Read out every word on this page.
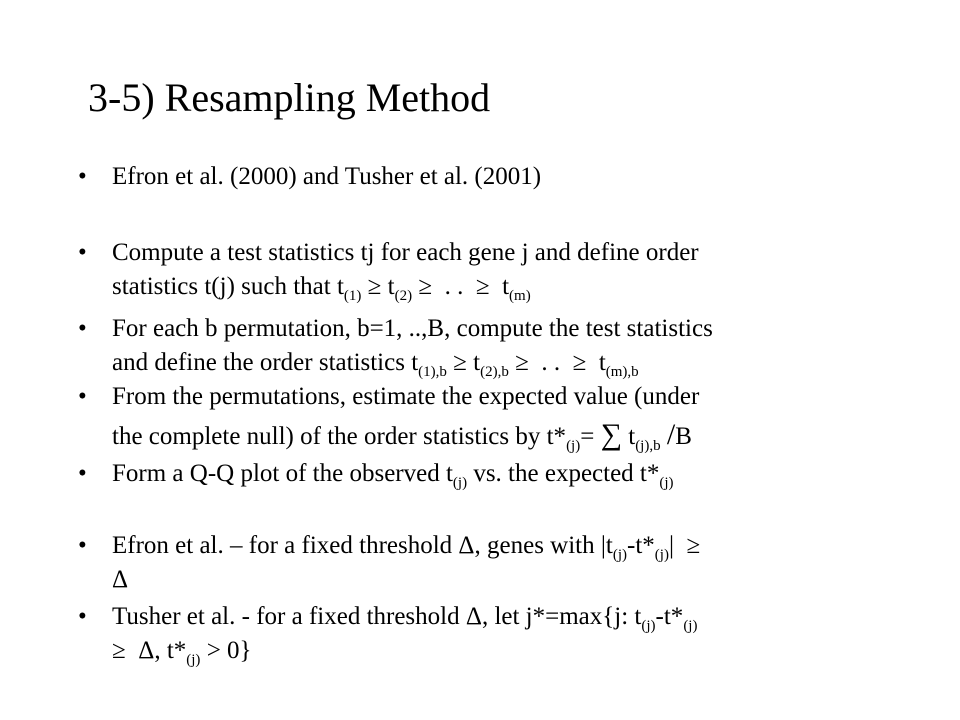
3-5) Resampling Method
• Efron et al. (2000) and Tusher et al. (2001)
• Compute a test statistics tj for each gene j and define order
statistics t(j) such that $t_{(1)} \ge t_{(2)}$ ≥ . . ≥ $t_{(m)}$
• For each b permutation, b=1, ..,B, compute the test statistics
and define the order statistics $t_{(1),b} \ge t_{(2),b}$ ≥ . . ≥ $t_{(m),b}$
• From the permutations, estimate the expected value (under
the complete null) of the order statistics by $t*_{(j)}=$ ∑ $t_{(j),b}$ /B
• Form a Q-Q plot of the observed $t_{(j)}$ vs. the expected $t*_{(j)}$
• Efron et al. – for a fixed threshold Δ, genes with $|t_{(j)}-t*_{(j)}|$ ≥
Δ
• Tusher et al. - for a fixed threshold Δ, let j*=max{j: $t_{(j)}-t*_{(j)}$
≥ Δ, $t*_{(j)} > 0$}
